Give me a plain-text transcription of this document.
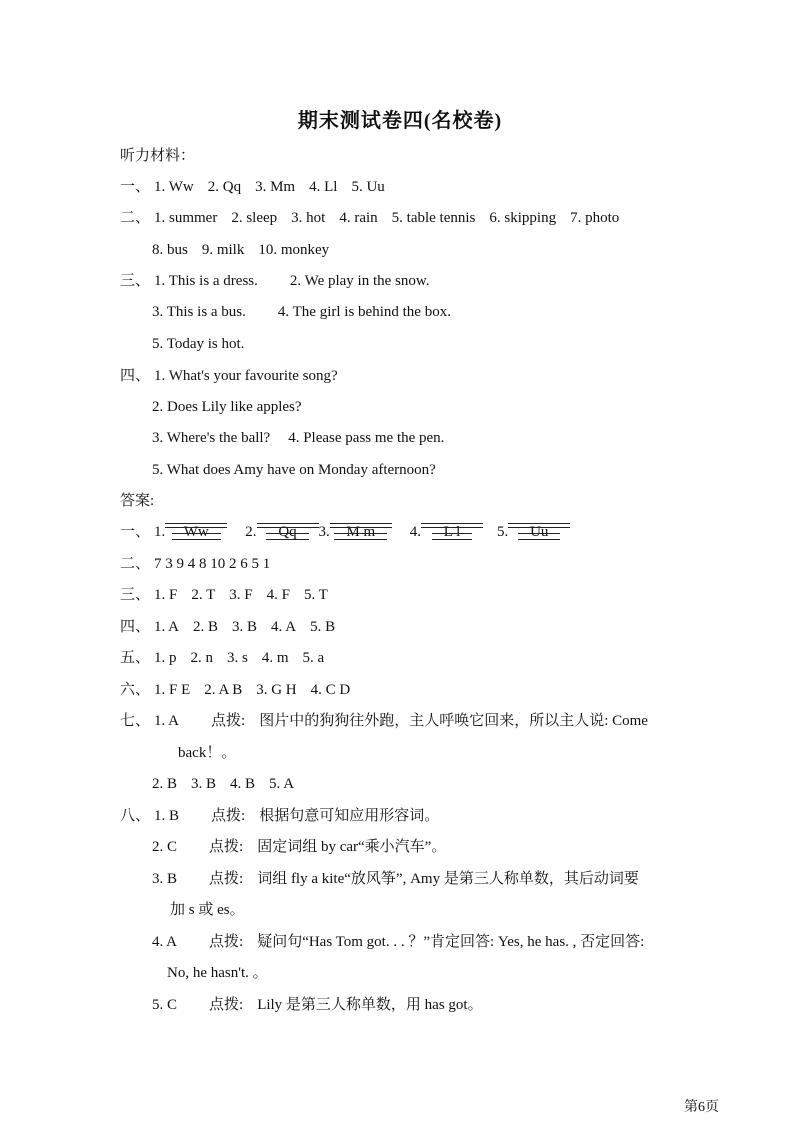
期末测试卷四(名校卷)
听力材料：
一、 1. Ww 2. Qq 3. Mm 4. Ll 5. Uu
二、 1. summer 2. sleep 3. hot 4. rain 5. table tennis 6. skipping 7. photo
8. bus 9. milk 10. monkey
三、 1. This is a dress. 2. We play in the snow.
3. This is a bus. 4. The girl is behind the box.
5. Today is hot.
四、 1. What's your favourite song?
2. Does Lily like apples?
3. Where's the ball? 4. Please pass me the pen.
5. What does Amy have on Monday afternoon?
答案:
一、 1. Ww 2. Qq 3. M m 4. L l 5. Uu
二、 7 3 9 4 8 10 2 6 5 1
三、 1. F 2. T 3. F 4. F 5. T
四、 1. A 2. B 3. B 4. A 5. B
五、 1. p 2. n 3. s 4. m 5. a
六、 1. F E 2. A B 3. G H 4. C D
七、 1. A 点拨: 图片中的狗狗往外跑，主人呼唤它回来，所以主人说: Come
back！。
2. B 3. B 4. B 5. A
八、 1. B 点拨: 根据句意可知应用形容词。
2. C 点拨: 固定词组 by car“乘小汽车”。
3. B 点拨: 词组 fly a kite“放风筝”, Amy 是第三人称单数，其后动词要
加 s 或 es。
4. A 点拨: 疑问句“Has Tom got. . . ？”肯定回答: Yes, he has. , 否定回答:
No, he hasn't. 。
5. C 点拨: Lily 是第三人称单数，用 has got。
第6页
